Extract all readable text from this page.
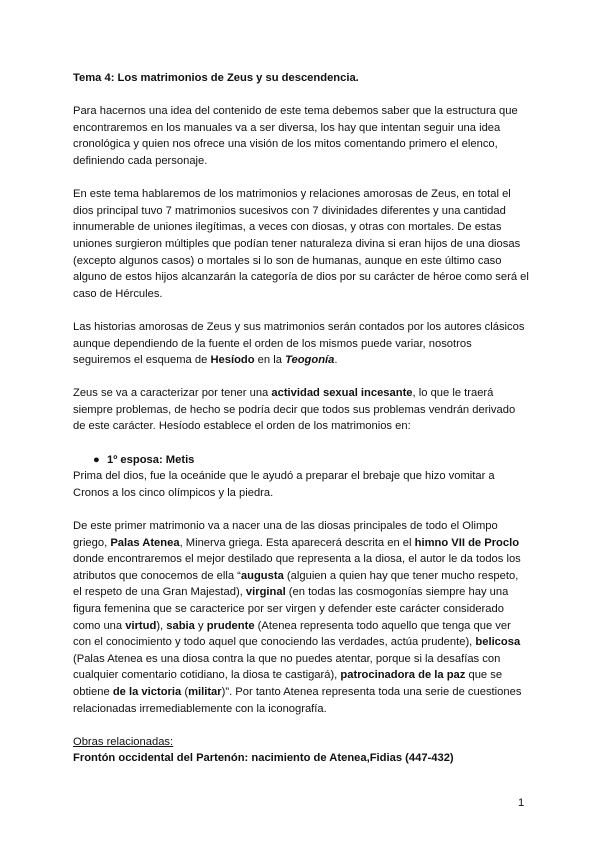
Tema 4: Los matrimonios de Zeus y su descendencia.

Para hacernos una idea del contenido de este tema debemos saber que la estructura que encontraremos en los manuales va a ser diversa, los hay que intentan seguir una idea cronológica y quien nos ofrece una visión de los mitos comentando primero el elenco, definiendo cada personaje.

En este tema hablaremos de los matrimonios y relaciones amorosas de Zeus, en total el dios principal tuvo 7 matrimonios sucesivos con 7 divinidades diferentes y una cantidad innumerable de uniones ilegítimas, a veces con diosas, y otras con mortales. De estas uniones surgieron múltiples que podían tener naturaleza divina si eran hijos de una diosas (excepto algunos casos) o mortales si lo son de humanas, aunque en este último caso alguno de estos hijos alcanzarán la categoría de dios por su carácter de héroe como será el caso de Hércules.

Las historias amorosas de Zeus y sus matrimonios serán contados por los autores clásicos aunque dependiendo de la fuente el orden de los mismos puede variar, nosotros seguiremos el esquema de Hesíodo en la Teogonía.

Zeus se va a caracterizar por tener una actividad sexual incesante, lo que le traerá siempre problemas, de hecho se podría decir que todos sus problemas vendrán derivado de este carácter. Hesíodo establece el orden de los matrimonios en:

● 1º esposa: Metis

Prima del dios, fue la oceánide que le ayudó a preparar el brebaje que hizo vomitar a Cronos a los cinco olímpicos y la piedra.

De este primer matrimonio va a nacer una de las diosas principales de todo el Olimpo griego, Palas Atenea, Minerva griega. Esta aparecerá descrita en el himno VII de Proclo donde encontraremos el mejor destilado que representa a la diosa, el autor le da todos los atributos que conocemos de ella “augusta (alguien a quien hay que tener mucho respeto, el respeto de una Gran Majestad), virginal (en todas las cosmogonías siempre hay una figura femenina que se caracterice por ser virgen y defender este carácter considerado como una virtud), sabia y prudente (Atenea representa todo aquello que tenga que ver con el conocimiento y todo aquel que conociendo las verdades, actúa prudente), belicosa (Palas Atenea es una diosa contra la que no puedes atentar, porque si la desafías con cualquier comentario cotidiano, la diosa te castigará), patrocinadora de la paz que se obtiene de la victoria (militar)”. Por tanto Atenea representa toda una serie de cuestiones relacionadas irremediablemente con la iconografía.

Obras relacionadas:

Frontón occidental del Partenón: nacimiento de Atenea,Fidias (447-432)

1
